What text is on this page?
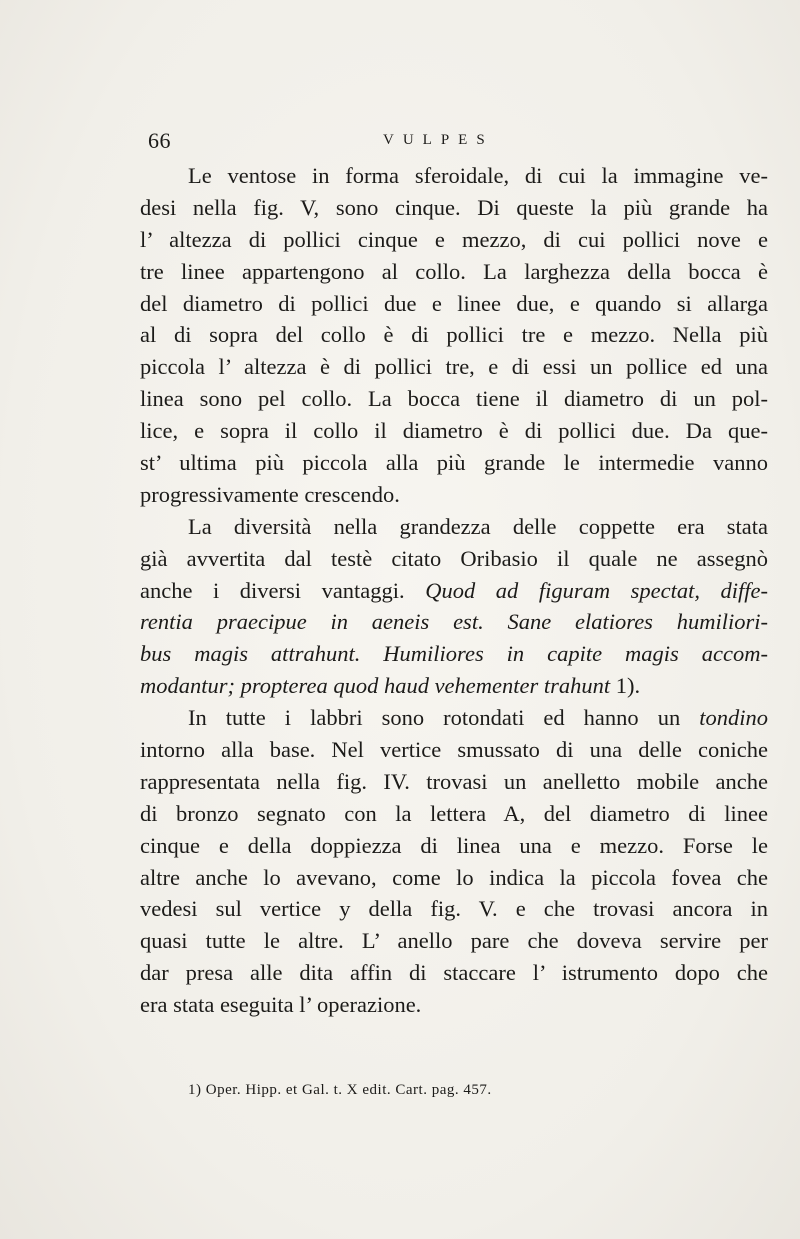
66	VULPES
Le ventose in forma sferoidale, di cui la immagine ve-
desi nella fig. V, sono cinque. Di queste la più grande ha
l’ altezza di pollici cinque e mezzo, di cui pollici nove e
tre linee appartengono al collo. La larghezza della bocca è
del diametro di pollici due e linee due, e quando si allarga
al di sopra del collo è di pollici tre e mezzo. Nella più
piccola l’ altezza è di pollici tre, e di essi un pollice ed una
linea sono pel collo. La bocca tiene il diametro di un pol-
lice, e sopra il collo il diametro è di pollici due. Da que-
st’ ultima più piccola alla più grande le intermedie vanno
progressivamente crescendo.
La diversità nella grandezza delle coppette era stata
già avvertita dal testè citato Oribasio il quale ne assegnò
anche i diversi vantaggi. Quod ad figuram spectat, diffe-
rentia praecipue in aeneis est. Sane elatiores humiliori-
bus magis attrahunt. Humiliores in capite magis accom-
modantur; propterea quod haud vehementer trahunt 1).
In tutte i labbri sono rotondati ed hanno un tondino
intorno alla base. Nel vertice smussato di una delle coniche
rappresentata nella fig. IV. trovasi un anelletto mobile anche
di bronzo segnato con la lettera A, del diametro di linee
cinque e della doppiezza di linea una e mezzo. Forse le
altre anche lo avevano, come lo indica la piccola fovea che
vedesi sul vertice y della fig. V. e che trovasi ancora in
quasi tutte le altre. L’ anello pare che doveva servire per
dar presa alle dita affin di staccare l’ istrumento dopo che
era stata eseguita l’ operazione.
1) Oper. Hipp. et Gal. t. X edit. Cart. pag. 457.
